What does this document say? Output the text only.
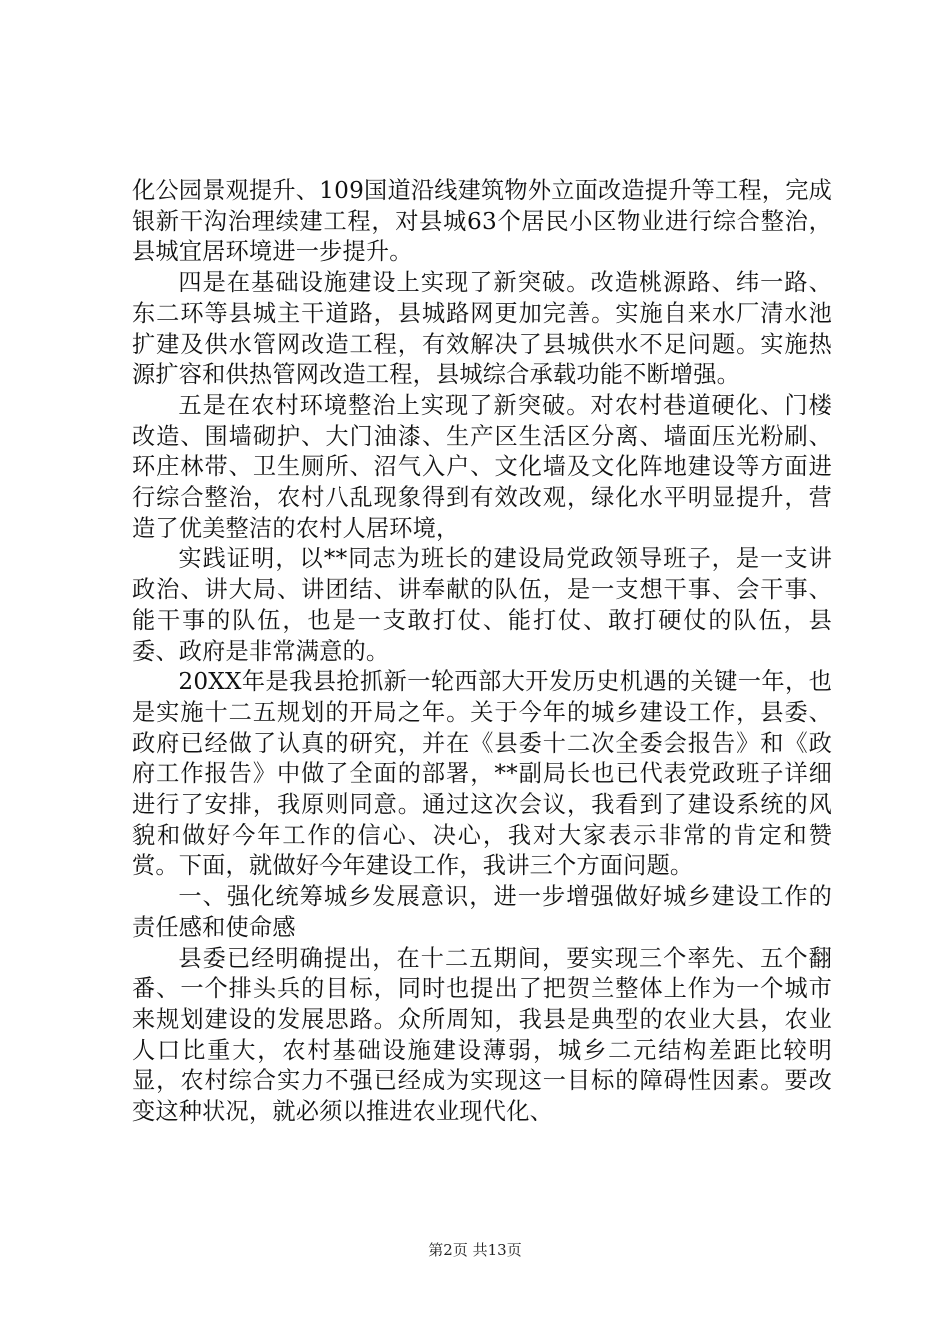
化公园景观提升、109国道沿线建筑物外立面改造提升等工程，完成银新干沟治理续建工程，对县城63个居民小区物业进行综合整治，县城宜居环境进一步提升。

四是在基础设施建设上实现了新突破。改造桃源路、纬一路、东二环等县城主干道路，县城路网更加完善。实施自来水厂清水池扩建及供水管网改造工程，有效解决了县城供水不足问题。实施热源扩容和供热管网改造工程，县城综合承载功能不断增强。

五是在农村环境整治上实现了新突破。对农村巷道硬化、门楼改造、围墙砌护、大门油漆、生产区生活区分离、墙面压光粉刷、环庄林带、卫生厕所、沼气入户、文化墙及文化阵地建设等方面进行综合整治，农村八乱现象得到有效改观，绿化水平明显提升，营造了优美整洁的农村人居环境，

实践证明，以**同志为班长的建设局党政领导班子，是一支讲政治、讲大局、讲团结、讲奉献的队伍，是一支想干事、会干事、能干事的队伍，也是一支敢打仗、能打仗、敢打硬仗的队伍，县委、政府是非常满意的。

20XX年是我县抢抓新一轮西部大开发历史机遇的关键一年，也是实施十二五规划的开局之年。关于今年的城乡建设工作，县委、政府已经做了认真的研究，并在《县委十二次全委会报告》和《政府工作报告》中做了全面的部署，**副局长也已代表党政班子详细进行了安排，我原则同意。通过这次会议，我看到了建设系统的风貌和做好今年工作的信心、决心，我对大家表示非常的肯定和赞赏。下面，就做好今年建设工作，我讲三个方面问题。

一、强化统筹城乡发展意识，进一步增强做好城乡建设工作的责任感和使命感

县委已经明确提出，在十二五期间，要实现三个率先、五个翻番、一个排头兵的目标，同时也提出了把贺兰整体上作为一个城市来规划建设的发展思路。众所周知，我县是典型的农业大县，农业人口比重大，农村基础设施建设薄弱，城乡二元结构差距比较明显，农村综合实力不强已经成为实现这一目标的障碍性因素。要改变这种状况，就必须以推进农业现代化、

第2页 共13页
